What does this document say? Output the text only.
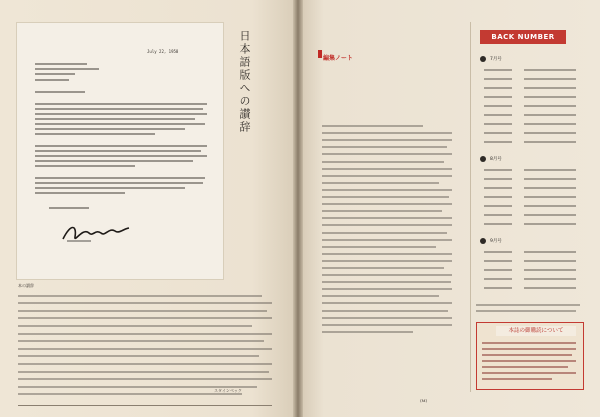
July 22, 1958	日本語版への讃辞
本の讃辞
スタインベック
編集ノート
(M)
BACK NUMBER
7月号
8月号
9月号
本誌の御購読について
